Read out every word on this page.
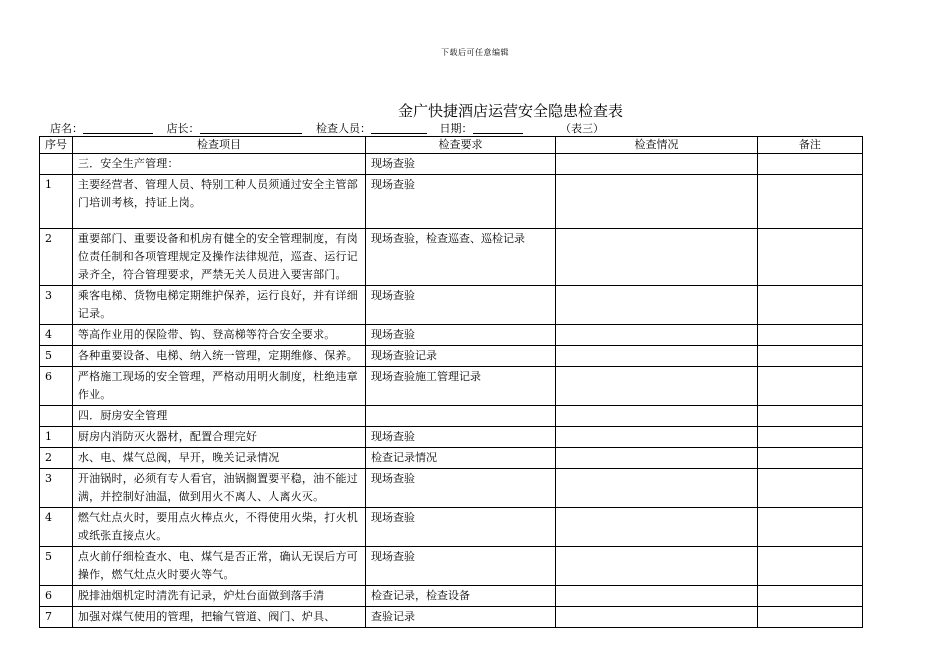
下载后可任意编辑
金广快捷酒店运营安全隐患检查表
店名：	店长：	检查人员：	日期：	（表三）
序号	检查项目	检查要求	检查情况	备注
	三．安全生产管理：	现场查验		
1	主要经营者、管理人员、特别工种人员须通过安全主管部门培训考核，持证上岗。	现场查验		
2	重要部门、重要设备和机房有健全的安全管理制度，有岗位责任制和各项管理规定及操作法律规范，巡查、运行记录齐全，符合管理要求，严禁无关人员进入要害部门。	现场查验，检查巡查、巡检记录		
3	乘客电梯、货物电梯定期维护保养，运行良好，并有详细记录。	现场查验		
4	等高作业用的保险带、钩、登高梯等符合安全要求。	现场查验		
5	各种重要设备、电梯、纳入统一管理，定期维修、保养。	现场查验记录		
6	严格施工现场的安全管理，严格动用明火制度，杜绝违章作业。	现场查验施工管理记录		
	四．厨房安全管理			
1	厨房内消防灭火器材，配置合理完好	现场查验		
2	水、电、煤气总阀，早开，晚关记录情况	检查记录情况		
3	开油锅时，必须有专人看官，油锅搁置要平稳，油不能过满，并控制好油温，做到用火不离人、人离火灭。	现场查验		
4	燃气灶点火时，要用点火棒点火，不得使用火柴，打火机或纸张直接点火。	现场查验		
5	点火前仔细检查水、电、煤气是否正常，确认无误后方可操作，燃气灶点火时要火等气。	现场查验		
6	脱排油烟机定时清洗有记录，炉灶台面做到落手清	检查记录，检查设备		
7	加强对煤气使用的管理，把输气管道、阀门、炉具、	查验记录		
